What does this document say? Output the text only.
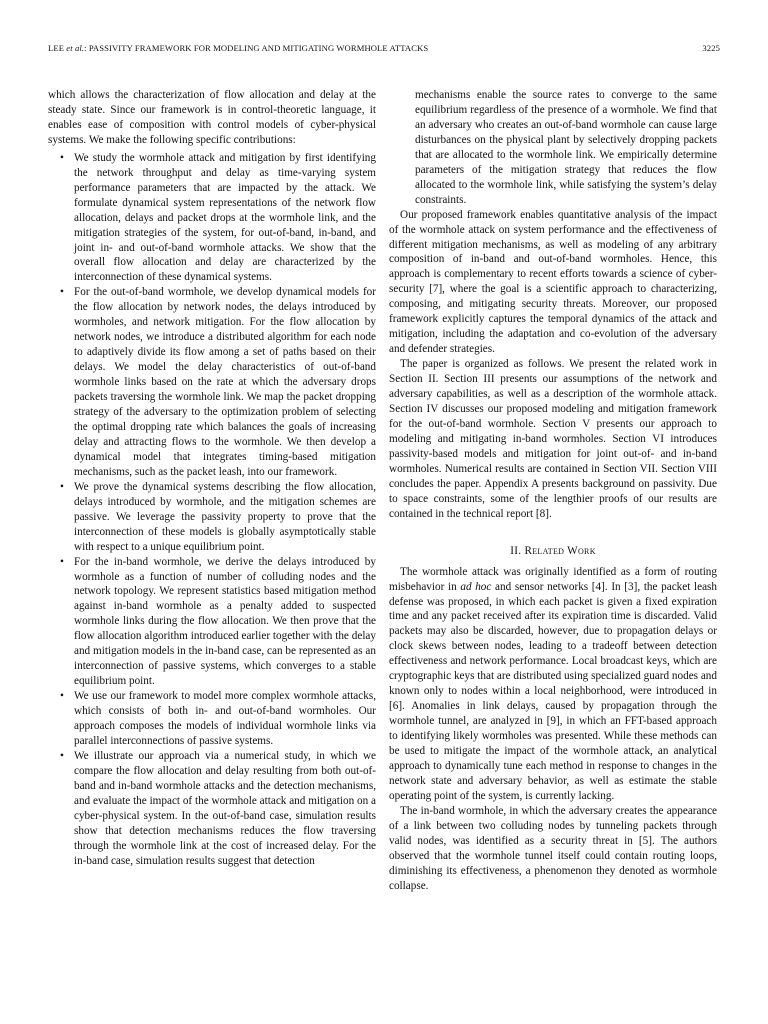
LEE et al.: PASSIVITY FRAMEWORK FOR MODELING AND MITIGATING WORMHOLE ATTACKS	3225

which allows the characterization of flow allocation and delay at the steady state. Since our framework is in control-theoretic language, it enables ease of composition with control models of cyber-physical systems. We make the following specific contributions:

• We study the wormhole attack and mitigation by first identifying the network throughput and delay as time-varying system performance parameters that are impacted by the attack. We formulate dynamical system representations of the network flow allocation, delays and packet drops at the wormhole link, and the mitigation strategies of the system, for out-of-band, in-band, and joint in- and out-of-band wormhole attacks. We show that the overall flow allocation and delay are characterized by the interconnection of these dynamical systems.
• For the out-of-band wormhole, we develop dynamical models for the flow allocation by network nodes, the delays introduced by wormholes, and network mitigation. For the flow allocation by network nodes, we introduce a distributed algorithm for each node to adaptively divide its flow among a set of paths based on their delays. We model the delay characteristics of out-of-band wormhole links based on the rate at which the adversary drops packets traversing the wormhole link. We map the packet dropping strategy of the adversary to the optimization problem of selecting the optimal dropping rate which balances the goals of increasing delay and attracting flows to the wormhole. We then develop a dynamical model that integrates timing-based mitigation mechanisms, such as the packet leash, into our framework.
• We prove the dynamical systems describing the flow allocation, delays introduced by wormhole, and the mitigation schemes are passive. We leverage the passivity property to prove that the interconnection of these models is globally asymptotically stable with respect to a unique equilibrium point.
• For the in-band wormhole, we derive the delays introduced by wormhole as a function of number of colluding nodes and the network topology. We represent statistics based mitigation method against in-band wormhole as a penalty added to suspected wormhole links during the flow allocation. We then prove that the flow allocation algorithm introduced earlier together with the delay and mitigation models in the in-band case, can be represented as an interconnection of passive systems, which converges to a stable equilibrium point.
• We use our framework to model more complex wormhole attacks, which consists of both in- and out-of-band wormholes. Our approach composes the models of individual wormhole links via parallel interconnections of passive systems.
• We illustrate our approach via a numerical study, in which we compare the flow allocation and delay resulting from both out-of-band and in-band wormhole attacks and the detection mechanisms, and evaluate the impact of the wormhole attack and mitigation on a cyber-physical system. In the out-of-band case, simulation results show that detection mechanisms reduces the flow traversing through the wormhole link at the cost of increased delay. For the in-band case, simulation results suggest that detection

mechanisms enable the source rates to converge to the same equilibrium regardless of the presence of a wormhole. We find that an adversary who creates an out-of-band wormhole can cause large disturbances on the physical plant by selectively dropping packets that are allocated to the wormhole link. We empirically determine parameters of the mitigation strategy that reduces the flow allocated to the wormhole link, while satisfying the system’s delay constraints.

Our proposed framework enables quantitative analysis of the impact of the wormhole attack on system performance and the effectiveness of different mitigation mechanisms, as well as modeling of any arbitrary composition of in-band and out-of-band wormholes. Hence, this approach is complementary to recent efforts towards a science of cyber-security [7], where the goal is a scientific approach to characterizing, composing, and mitigating security threats. Moreover, our proposed framework explicitly captures the temporal dynamics of the attack and mitigation, including the adaptation and co-evolution of the adversary and defender strategies.

The paper is organized as follows. We present the related work in Section II. Section III presents our assumptions of the network and adversary capabilities, as well as a description of the wormhole attack. Section IV discusses our proposed modeling and mitigation framework for the out-of-band wormhole. Section V presents our approach to modeling and mitigating in-band wormholes. Section VI introduces passivity-based models and mitigation for joint out-of- and in-band wormholes. Numerical results are contained in Section VII. Section VIII concludes the paper. Appendix A presents background on passivity. Due to space constraints, some of the lengthier proofs of our results are contained in the technical report [8].

II. Related Work

The wormhole attack was originally identified as a form of routing misbehavior in ad hoc and sensor networks [4]. In [3], the packet leash defense was proposed, in which each packet is given a fixed expiration time and any packet received after its expiration time is discarded. Valid packets may also be discarded, however, due to propagation delays or clock skews between nodes, leading to a tradeoff between detection effectiveness and network performance. Local broadcast keys, which are cryptographic keys that are distributed using specialized guard nodes and known only to nodes within a local neighborhood, were introduced in [6]. Anomalies in link delays, caused by propagation through the wormhole tunnel, are analyzed in [9], in which an FFT-based approach to identifying likely wormholes was presented. While these methods can be used to mitigate the impact of the wormhole attack, an analytical approach to dynamically tune each method in response to changes in the network state and adversary behavior, as well as estimate the stable operating point of the system, is currently lacking.

The in-band wormhole, in which the adversary creates the appearance of a link between two colluding nodes by tunneling packets through valid nodes, was identified as a security threat in [5]. The authors observed that the wormhole tunnel itself could contain routing loops, diminishing its effectiveness, a phenomenon they denoted as wormhole collapse.
